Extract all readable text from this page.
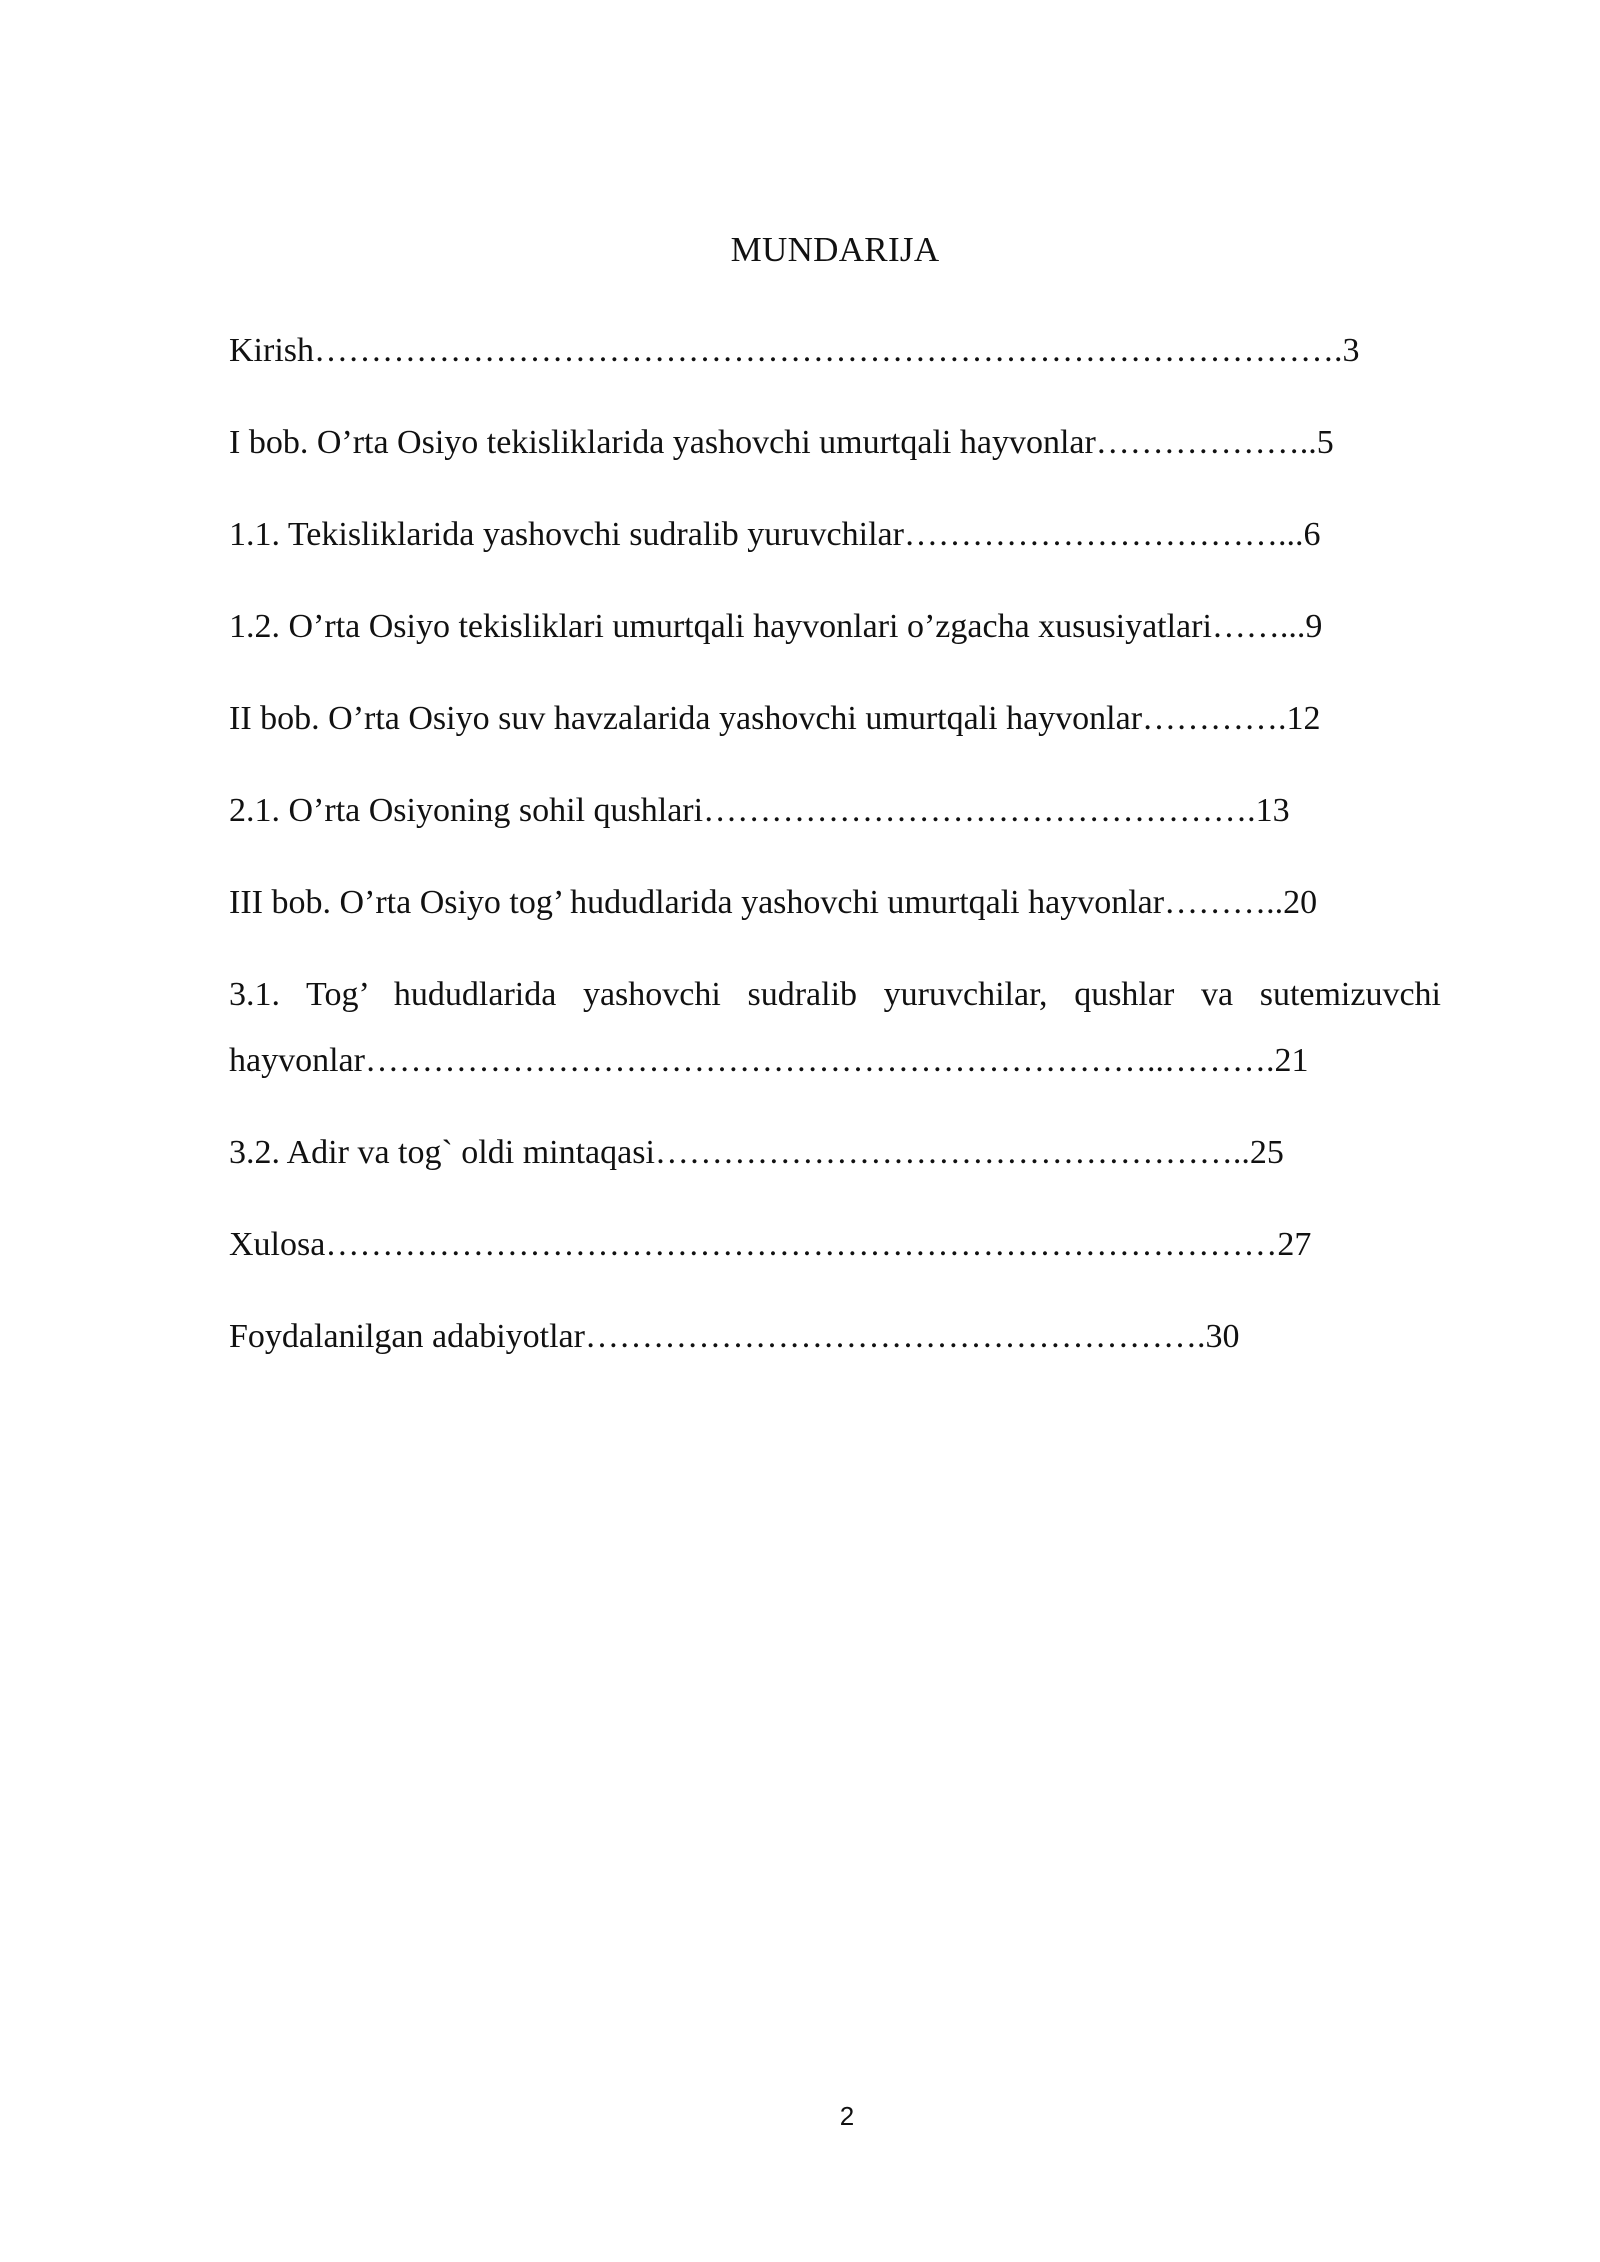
MUNDARIJA
Kirish……………………………………………………………………………….3
I bob. O’rta Osiyo tekisliklarida yashovchi umurtqali hayvonlar………………..5
1.1. Tekisliklarida yashovchi sudralib yuruvchilar……………………………...6
1.2. O’rta Osiyo tekisliklari umurtqali hayvonlari o’zgacha xususiyatlari……...9
II bob. O’rta Osiyo suv havzalarida yashovchi umurtqali hayvonlar………….12
2.1. O’rta Osiyoning sohil qushlari………………………………………….13
III bob. O’rta Osiyo tog’ hududlarida yashovchi umurtqali hayvonlar………..20
3.1. Tog’ hududlarida yashovchi sudralib yuruvchilar, qushlar va sutemizuvchi hayvonlar……………………………………………………………..……….21
3.2. Adir va tog` oldi mintaqasi……………………………………………..25
Xulosa…………………………………………………………………………27
Foydalanilgan adabiyotlar……………………………………………….30
2
